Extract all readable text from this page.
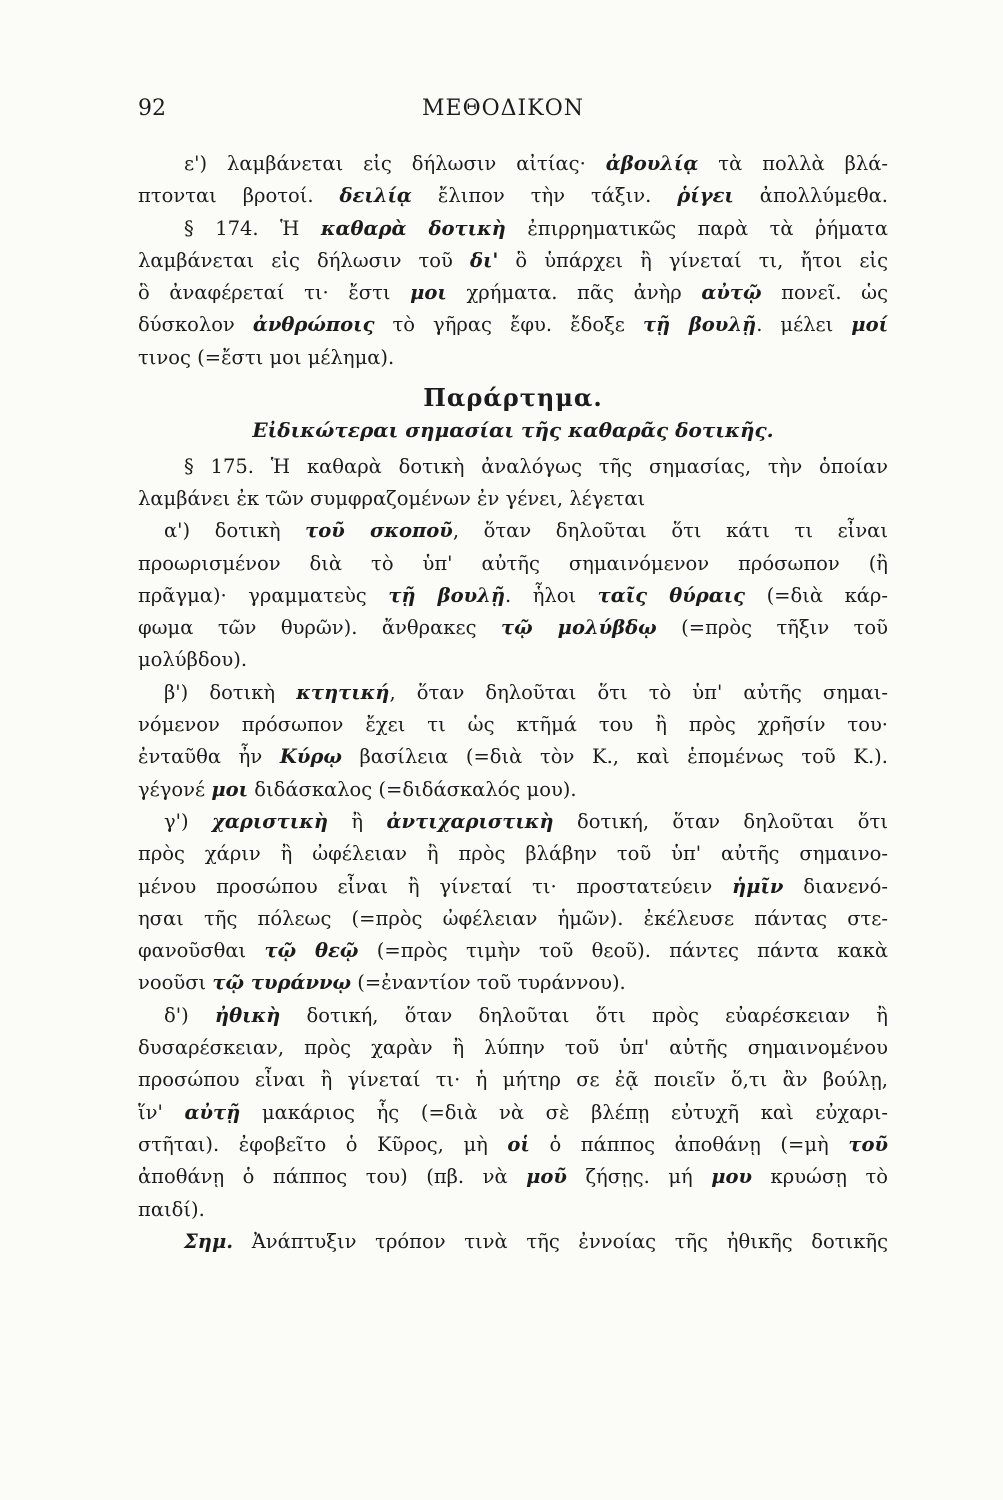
92	ΜΕΘΟΔΙΚΟΝ
ε') λαμβάνεται εἰς δήλωσιν αἰτίας· ἀβουλίᾳ τὰ πολλὰ βλά-
πτονται βροτοί. δειλίᾳ ἔλιπον τὴν τάξιν. ῥίγει ἀπολλύμεθα.
§ 174. Ἡ καθαρὰ δοτικὴ ἐπιρρηματικῶς παρὰ τὰ ῥήματα
λαμβάνεται εἰς δήλωσιν τοῦ δι' ὃ ὑπάρχει ἢ γίνεταί τι, ἤτοι εἰς
ὃ ἀναφέρεταί τι· ἔστι μοι χρήματα. πᾶς ἀνὴρ αὐτῷ πονεῖ. ὡς
δύσκολον ἀνθρώποις τὸ γῆρας ἔφυ. ἔδοξε τῇ βουλῇ. μέλει μοί
τινος (=ἔστι μοι μέλημα).
Παράρτημα.
Εἰδικώτεραι σημασίαι τῆς καθαρᾶς δοτικῆς.
§ 175. Ἡ καθαρὰ δοτικὴ ἀναλόγως τῆς σημασίας, τὴν ὁποίαν
λαμβάνει ἐκ τῶν συμφραζομένων ἐν γένει, λέγεται
α') δοτικὴ τοῦ σκοποῦ, ὅταν δηλοῦται ὅτι κάτι τι εἶναι
προωρισμένον διὰ τὸ ὑπ' αὐτῆς σημαινόμενον πρόσωπον (ἢ
πρᾶγμα)· γραμματεὺς τῇ βουλῇ. ἧλοι ταῖς θύραις (=διὰ κάρ-
φωμα τῶν θυρῶν). ἄνθρακες τῷ μολύβδῳ (=πρὸς τῆξιν τοῦ
μολύβδου).
β') δοτικὴ κτητική, ὅταν δηλοῦται ὅτι τὸ ὑπ' αὐτῆς σημαι-
νόμενον πρόσωπον ἔχει τι ὡς κτῆμά του ἢ πρὸς χρῆσίν του·
ἐνταῦθα ἦν Κύρῳ βασίλεια (=διὰ τὸν Κ., καὶ ἑπομένως τοῦ Κ.).
γέγονέ μοι διδάσκαλος (=διδάσκαλός μου).
γ') χαριστικὴ ἢ ἀντιχαριστικὴ δοτική, ὅταν δηλοῦται ὅτι
πρὸς χάριν ἢ ὠφέλειαν ἢ πρὸς βλάβην τοῦ ὑπ' αὐτῆς σημαινο-
μένου προσώπου εἶναι ἢ γίνεταί τι· προστατεύειν ἡμῖν διανενό-
ησαι τῆς πόλεως (=πρὸς ὠφέλειαν ἡμῶν). ἐκέλευσε πάντας στε-
φανοῦσθαι τῷ θεῷ (=πρὸς τιμὴν τοῦ θεοῦ). πάντες πάντα κακὰ
νοοῦσι τῷ τυράννῳ (=ἐναντίον τοῦ τυράννου).
δ') ἠθικὴ δοτική, ὅταν δηλοῦται ὅτι πρὸς εὐαρέσκειαν ἢ
δυσαρέσκειαν, πρὸς χαρὰν ἢ λύπην τοῦ ὑπ' αὐτῆς σημαινομένου
προσώπου εἶναι ἢ γίνεταί τι· ἡ μήτηρ σε ἐᾷ ποιεῖν ὅ,τι ἂν βούλῃ,
ἵν' αὐτῇ μακάριος ἧς (=διὰ νὰ σὲ βλέπῃ εὐτυχῆ καὶ εὐχαρι-
στῆται). ἐφοβεῖτο ὁ Κῦρος, μὴ οἱ ὁ πάππος ἀποθάνῃ (=μὴ τοῦ
ἀποθάνῃ ὁ πάππος του) (πβ. νὰ μοῦ ζήσῃς. μή μου κρυώσῃ τὸ
παιδί).
Σημ. Ἀνάπτυξιν τρόπον τινὰ τῆς ἐννοίας τῆς ἠθικῆς δοτικῆς
